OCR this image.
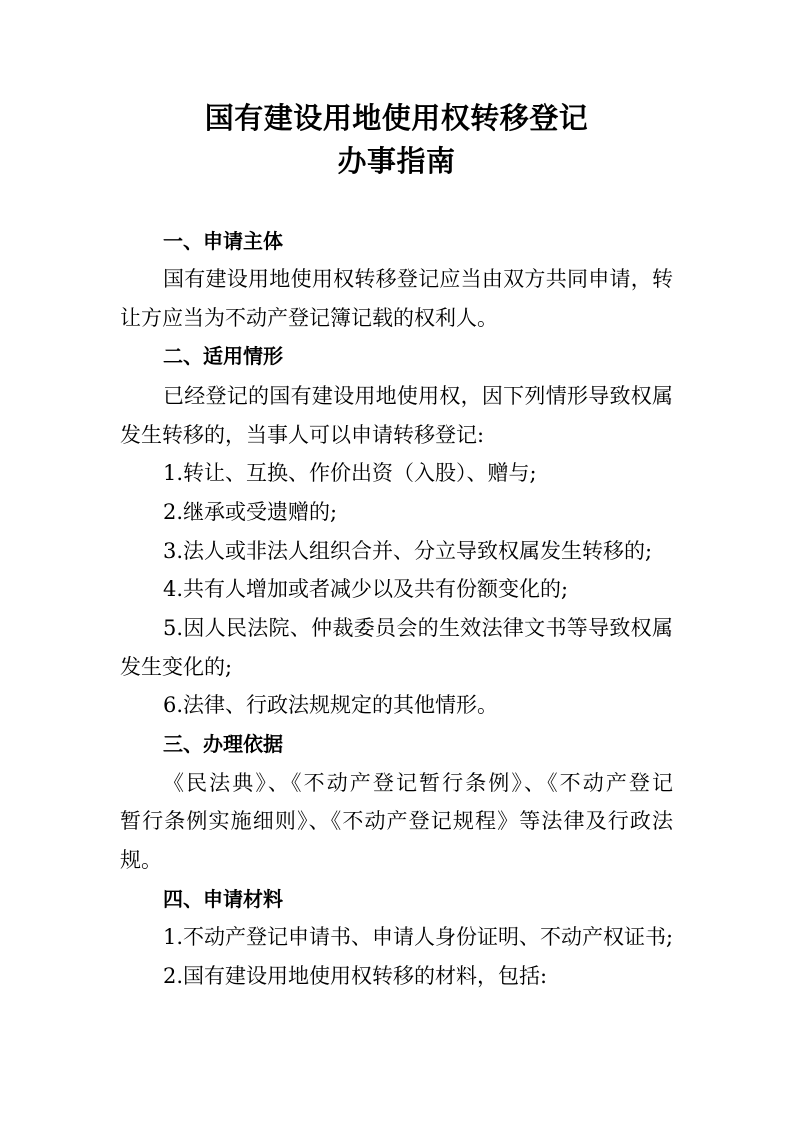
国有建设用地使用权转移登记
办事指南
一、申请主体
国有建设用地使用权转移登记应当由双方共同申请，转
让方应当为不动产登记簿记载的权利人。
二、适用情形
已经登记的国有建设用地使用权，因下列情形导致权属
发生转移的，当事人可以申请转移登记:
1.转让、互换、作价出资（入股）、赠与;
2.继承或受遗赠的;
3.法人或非法人组织合并、分立导致权属发生转移的;
4.共有人增加或者减少以及共有份额变化的;
5.因人民法院、仲裁委员会的生效法律文书等导致权属
发生变化的;
6.法律、行政法规规定的其他情形。
三、办理依据
《民法典》、《不动产登记暂行条例》、《不动产登记
暂行条例实施细则》、《不动产登记规程》等法律及行政法
规。
四、申请材料
1.不动产登记申请书、申请人身份证明、不动产权证书;
2.国有建设用地使用权转移的材料，包括:
